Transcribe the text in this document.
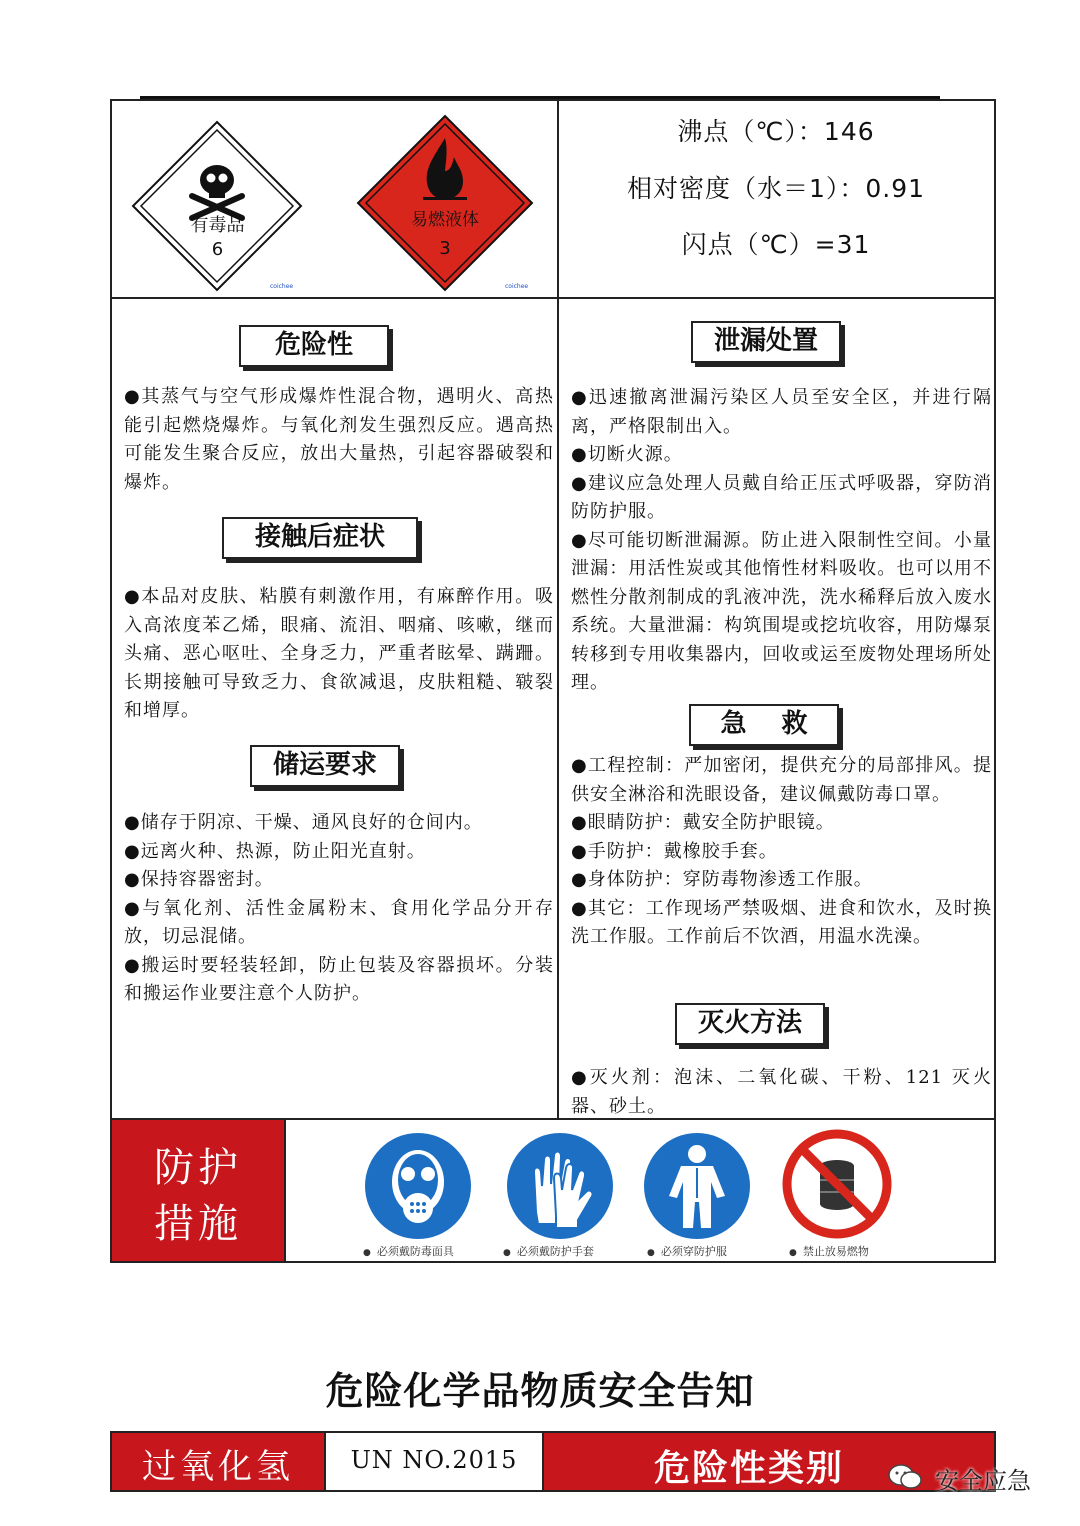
有毒品
6
易燃液体
3
coichee	coichee
沸点（℃）：146
相对密度（水＝1）：0.91
闪点（℃）=31
危险性

●其蒸气与空气形成爆炸性混合物，遇明火、高热能引起燃烧爆炸。与氧化剂发生强烈反应。遇高热可能发生聚合反应，放出大量热，引起容器破裂和爆炸。

接触后症状

●本品对皮肤、粘膜有刺激作用，有麻醉作用。吸入高浓度苯乙烯，眼痛、流泪、咽痛、咳嗽，继而头痛、恶心呕吐、全身乏力，严重者眩晕、蹒跚。长期接触可导致乏力、食欲减退，皮肤粗糙、皲裂和增厚。

储运要求

●储存于阴凉、干燥、通风良好的仓间内。

●远离火种、热源，防止阳光直射。

●保持容器密封。

●与氧化剂、活性金属粉末、食用化学品分开存放，切忌混储。

●搬运时要轻装轻卸，防止包装及容器损坏。分装和搬运作业要注意个人防护。

泄漏处置

●迅速撤离泄漏污染区人员至安全区，并进行隔离，严格限制出入。

●切断火源。

●建议应急处理人员戴自给正压式呼吸器，穿防消防防护服。

●尽可能切断泄漏源。防止进入限制性空间。小量泄漏：用活性炭或其他惰性材料吸收。也可以用不燃性分散剂制成的乳液冲洗，洗水稀释后放入废水系统。大量泄漏：构筑围堤或挖坑收容，用防爆泵转移到专用收集器内，回收或运至废物处理场所处理。

急　 救

●工程控制：严加密闭，提供充分的局部排风。提供安全淋浴和洗眼设备，建议佩戴防毒口罩。

●眼睛防护：戴安全防护眼镜。

●手防护：戴橡胶手套。

●身体防护：穿防毒物渗透工作服。

●其它：工作现场严禁吸烟、进食和饮水，及时换洗工作服。工作前后不饮酒，用温水洗澡。

灭火方法

●灭火剂：泡沫、二氧化碳、干粉、121 灭火器、砂土。

防护
措施
● 必须戴防毒面具	● 必须戴防护手套	● 必须穿防护服	● 禁止放易燃物
危险化学品物质安全告知
过氧化氢	UN NO.2015	危险性类别	安全应急
